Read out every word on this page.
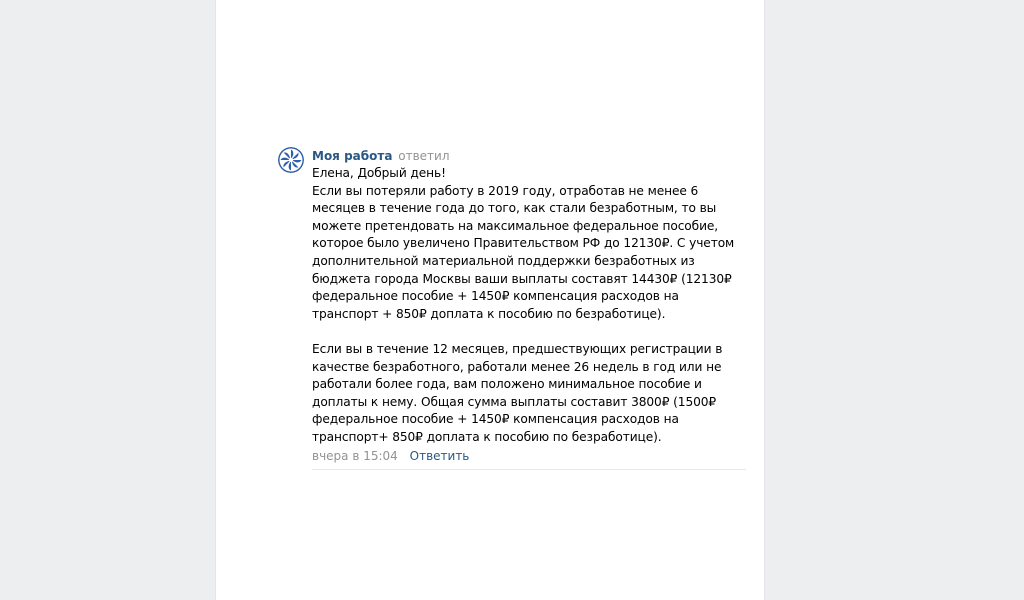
Моя работа ответил

Елена, Добрый день!

Если вы потеряли работу в 2019 году, отработав не менее 6 месяцев в течение года до того, как стали безработным, то вы можете претендовать на максимальное федеральное пособие, которое было увеличено Правительством РФ до 12130₽. С учетом дополнительной материальной поддержки безработных из бюджета города Москвы ваши выплаты составят 14430₽ (12130₽ федеральное пособие + 1450₽ компенсация расходов на транспорт + 850₽ доплата к пособию по безработице).

Если вы в течение 12 месяцев, предшествующих регистрации в качестве безработного, работали менее 26 недель в год или не работали более года, вам положено минимальное пособие и доплаты к нему. Общая сумма выплаты составит 3800₽ (1500₽ федеральное пособие + 1450₽ компенсация расходов на транспорт+ 850₽ доплата к пособию по безработице).

вчера в 15:04 Ответить
